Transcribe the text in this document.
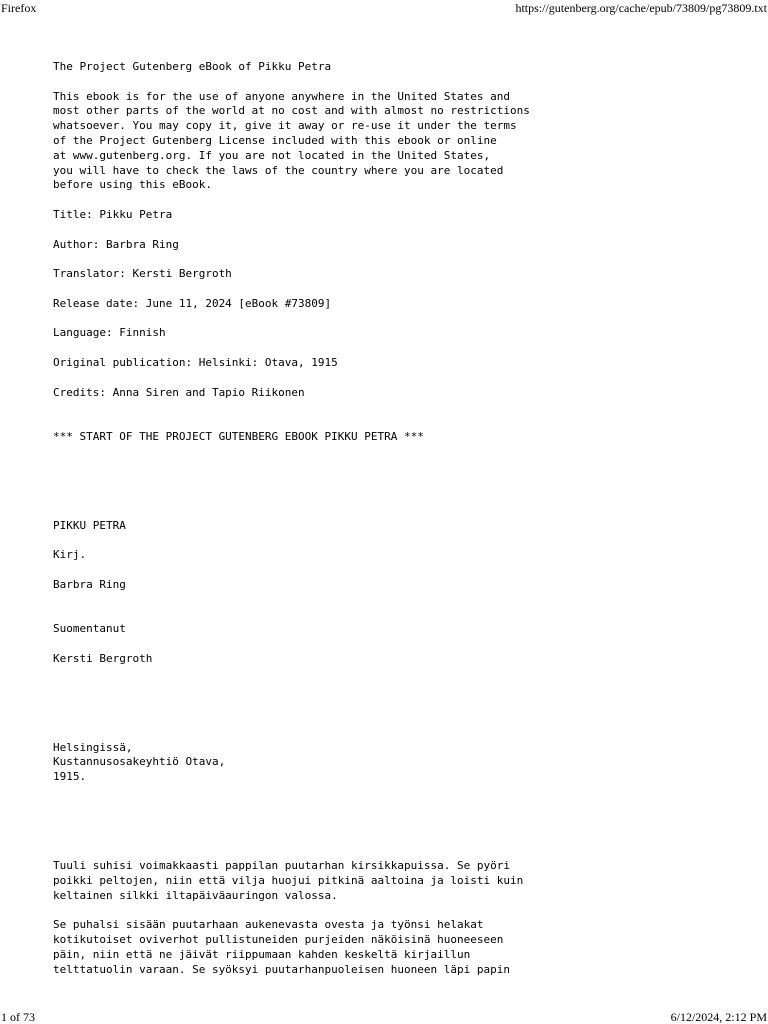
Firefox	https://gutenberg.org/cache/epub/73809/pg73809.txt
The Project Gutenberg eBook of Pikku Petra
This ebook is for the use of anyone anywhere in the United States and
most other parts of the world at no cost and with almost no restrictions
whatsoever. You may copy it, give it away or re-use it under the terms
of the Project Gutenberg License included with this ebook or online
at www.gutenberg.org. If you are not located in the United States,
you will have to check the laws of the country where you are located
before using this eBook.
Title: Pikku Petra
Author: Barbra Ring
Translator: Kersti Bergroth
Release date: June 11, 2024 [eBook #73809]
Language: Finnish
Original publication: Helsinki: Otava, 1915
Credits: Anna Siren and Tapio Riikonen
*** START OF THE PROJECT GUTENBERG EBOOK PIKKU PETRA ***
PIKKU PETRA
Kirj.
Barbra Ring
Suomentanut
Kersti Bergroth
Helsingissä,
Kustannusosakeyhtiö Otava,
1915.
Tuuli suhisi voimakkaasti pappilan puutarhan kirsikkapuissa. Se pyöri
poikki peltojen, niin että vilja huojui pitkinä aaltoina ja loisti kuin
keltainen silkki iltapäiväauringon valossa.
Se puhalsi sisään puutarhaan aukenevasta ovesta ja työnsi helakat
kotikutoiset oviverhot pullistuneiden purjeiden näköisinä huoneeseen
päin, niin että ne jäivät riippumaan kahden keskeltä kirjaillun
telttatuolin varaan. Se syöksyi puutarhanpuoleisen huoneen läpi papin
1 of 73	6/12/2024, 2:12 PM
